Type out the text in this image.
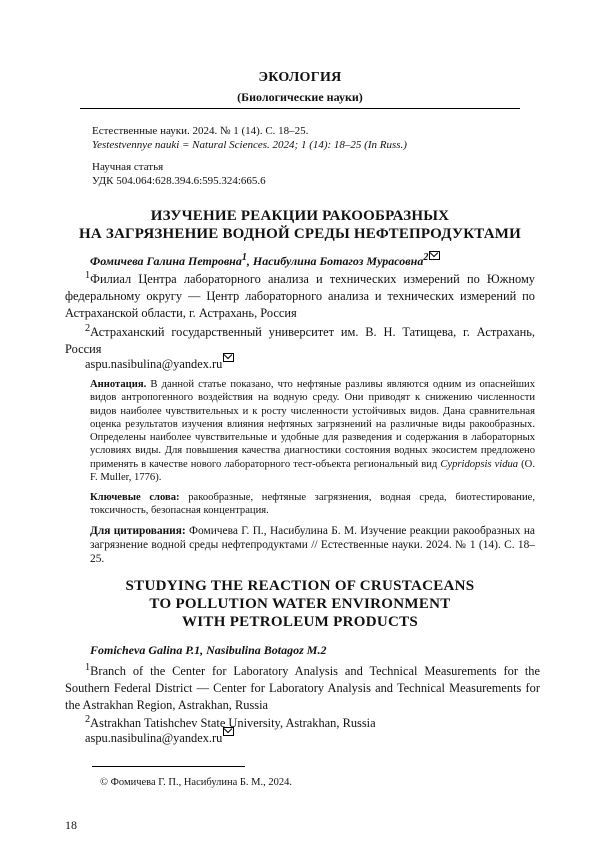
ЭКОЛОГИЯ
(Биологические науки)
Естественные науки. 2024. № 1 (14). С. 18–25.
Yestestvennye nauki = Natural Sciences. 2024; 1 (14): 18–25 (In Russ.)
Научная статья
УДК 504.064:628.394.6:595.324:665.6
ИЗУЧЕНИЕ РЕАКЦИИ РАКООБРАЗНЫХ
НА ЗАГРЯЗНЕНИЕ ВОДНОЙ СРЕДЫ НЕФТЕПРОДУКТАМИ
Фомичева Галина Петровна$^1$, Насибулина Ботагоз Мурасовна$^2$
$^1$Филиал Центра лабораторного анализа и технических измерений по Южному федеральному округу — Центр лабораторного анализа и технических измерений по Астраханской области, г. Астрахань, Россия
$^2$Астраханский государственный университет им. В. Н. Татищева, г. Астрахань, Россия
aspu.nasibulina@yandex.ru
Аннотация. В данной статье показано, что нефтяные разливы являются одним из опаснейших видов антропогенного воздействия на водную среду. Они приводят к снижению численности видов наиболее чувствительных и к росту численности устойчивых видов. Дана сравнительная оценка результатов изучения влияния нефтяных загрязнений на различные виды ракообразных. Определены наиболее чувствительные и удобные для разведения и содержания в лабораторных условиях виды. Для повышения качества диагностики состояния водных экосистем предложено применять в качестве нового лабораторного тест-объекта региональный вид Cypridopsis vidua (O. F. Muller, 1776).
Ключевые слова: ракообразные, нефтяные загрязнения, водная среда, биотестирование, токсичность, безопасная концентрация.
Для цитирования: Фомичева Г. П., Насибулина Б. М. Изучение реакции ракообразных на загрязнение водной среды нефтепродуктами // Естественные науки. 2024. № 1 (14). С. 18–25.
STUDYING THE REACTION OF CRUSTACEANS
TO POLLUTION WATER ENVIRONMENT
WITH PETROLEUM PRODUCTS
Fomicheva Galina P.1, Nasibulina Botagoz M.2
$^1$Branch of the Center for Laboratory Analysis and Technical Measurements for the Southern Federal District — Center for Laboratory Analysis and Technical Measurements for the Astrakhan Region, Astrakhan, Russia
$^2$Astrakhan Tatishchev State University, Astrakhan, Russia
aspu.nasibulina@yandex.ru
© Фомичева Г. П., Насибулина Б. М., 2024.
18
